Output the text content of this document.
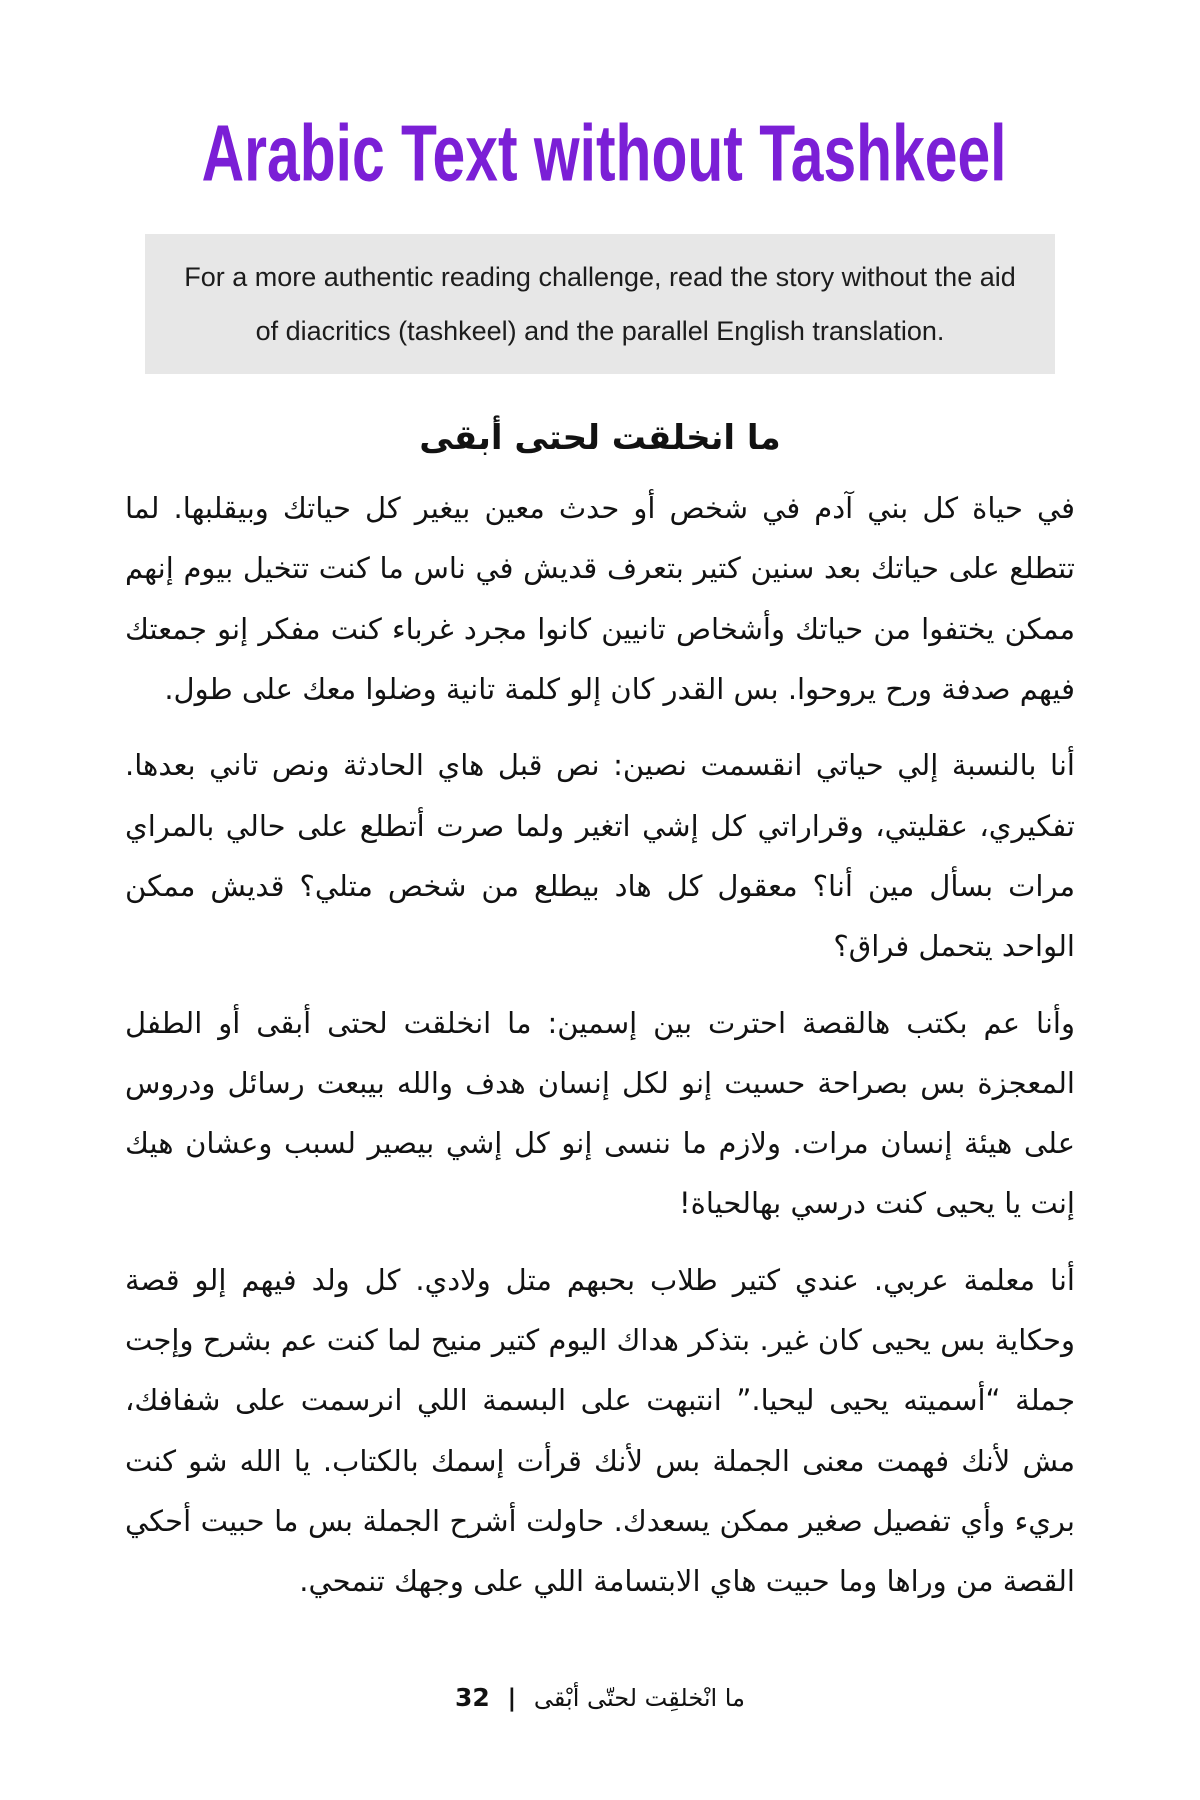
Arabic Text without Tashkeel
For a more authentic reading challenge, read the story without the aid of diacritics (tashkeel) and the parallel English translation.
ما انخلقت لحتى أبقى

في حياة كل بني آدم في شخص أو حدث معين بيغير كل حياتك وبيقلبها. لما تتطلع على حياتك بعد سنين كتير بتعرف قديش في ناس ما كنت تتخيل بيوم إنهم ممكن يختفوا من حياتك وأشخاص تانيين كانوا مجرد غرباء كنت مفكر إنو جمعتك فيهم صدفة ورح يروحوا. بس القدر كان إلو كلمة تانية وضلوا معك على طول.

أنا بالنسبة إلي حياتي انقسمت نصين: نص قبل هاي الحادثة ونص تاني بعدها. تفكيري، عقليتي، وقراراتي كل إشي اتغير ولما صرت أتطلع على حالي بالمراي مرات بسأل مين أنا؟ معقول كل هاد بيطلع من شخص متلي؟ قديش ممكن الواحد يتحمل فراق؟

وأنا عم بكتب هالقصة احترت بين إسمين: ما انخلقت لحتى أبقى أو الطفل المعجزة بس بصراحة حسيت إنو لكل إنسان هدف والله بيبعت رسائل ودروس على هيئة إنسان مرات. ولازم ما ننسى إنو كل إشي بيصير لسبب وعشان هيك إنت يا يحيى كنت درسي بهالحياة!

أنا معلمة عربي. عندي كتير طلاب بحبهم متل ولادي. كل ولد فيهم إلو قصة وحكاية بس يحيى كان غير. بتذكر هداك اليوم كتير منيح لما كنت عم بشرح وإجت جملة “أسميته يحيى ليحيا.” انتبهت على البسمة اللي انرسمت على شفافك، مش لأنك فهمت معنى الجملة بس لأنك قرأت إسمك بالكتاب. يا الله شو كنت بريء وأي تفصيل صغير ممكن يسعدك. حاولت أشرح الجملة بس ما حبيت أحكي القصة من وراها وما حبيت هاي الابتسامة اللي على وجهك تنمحي.

ما انخلقت لحتى أبقى | 32
